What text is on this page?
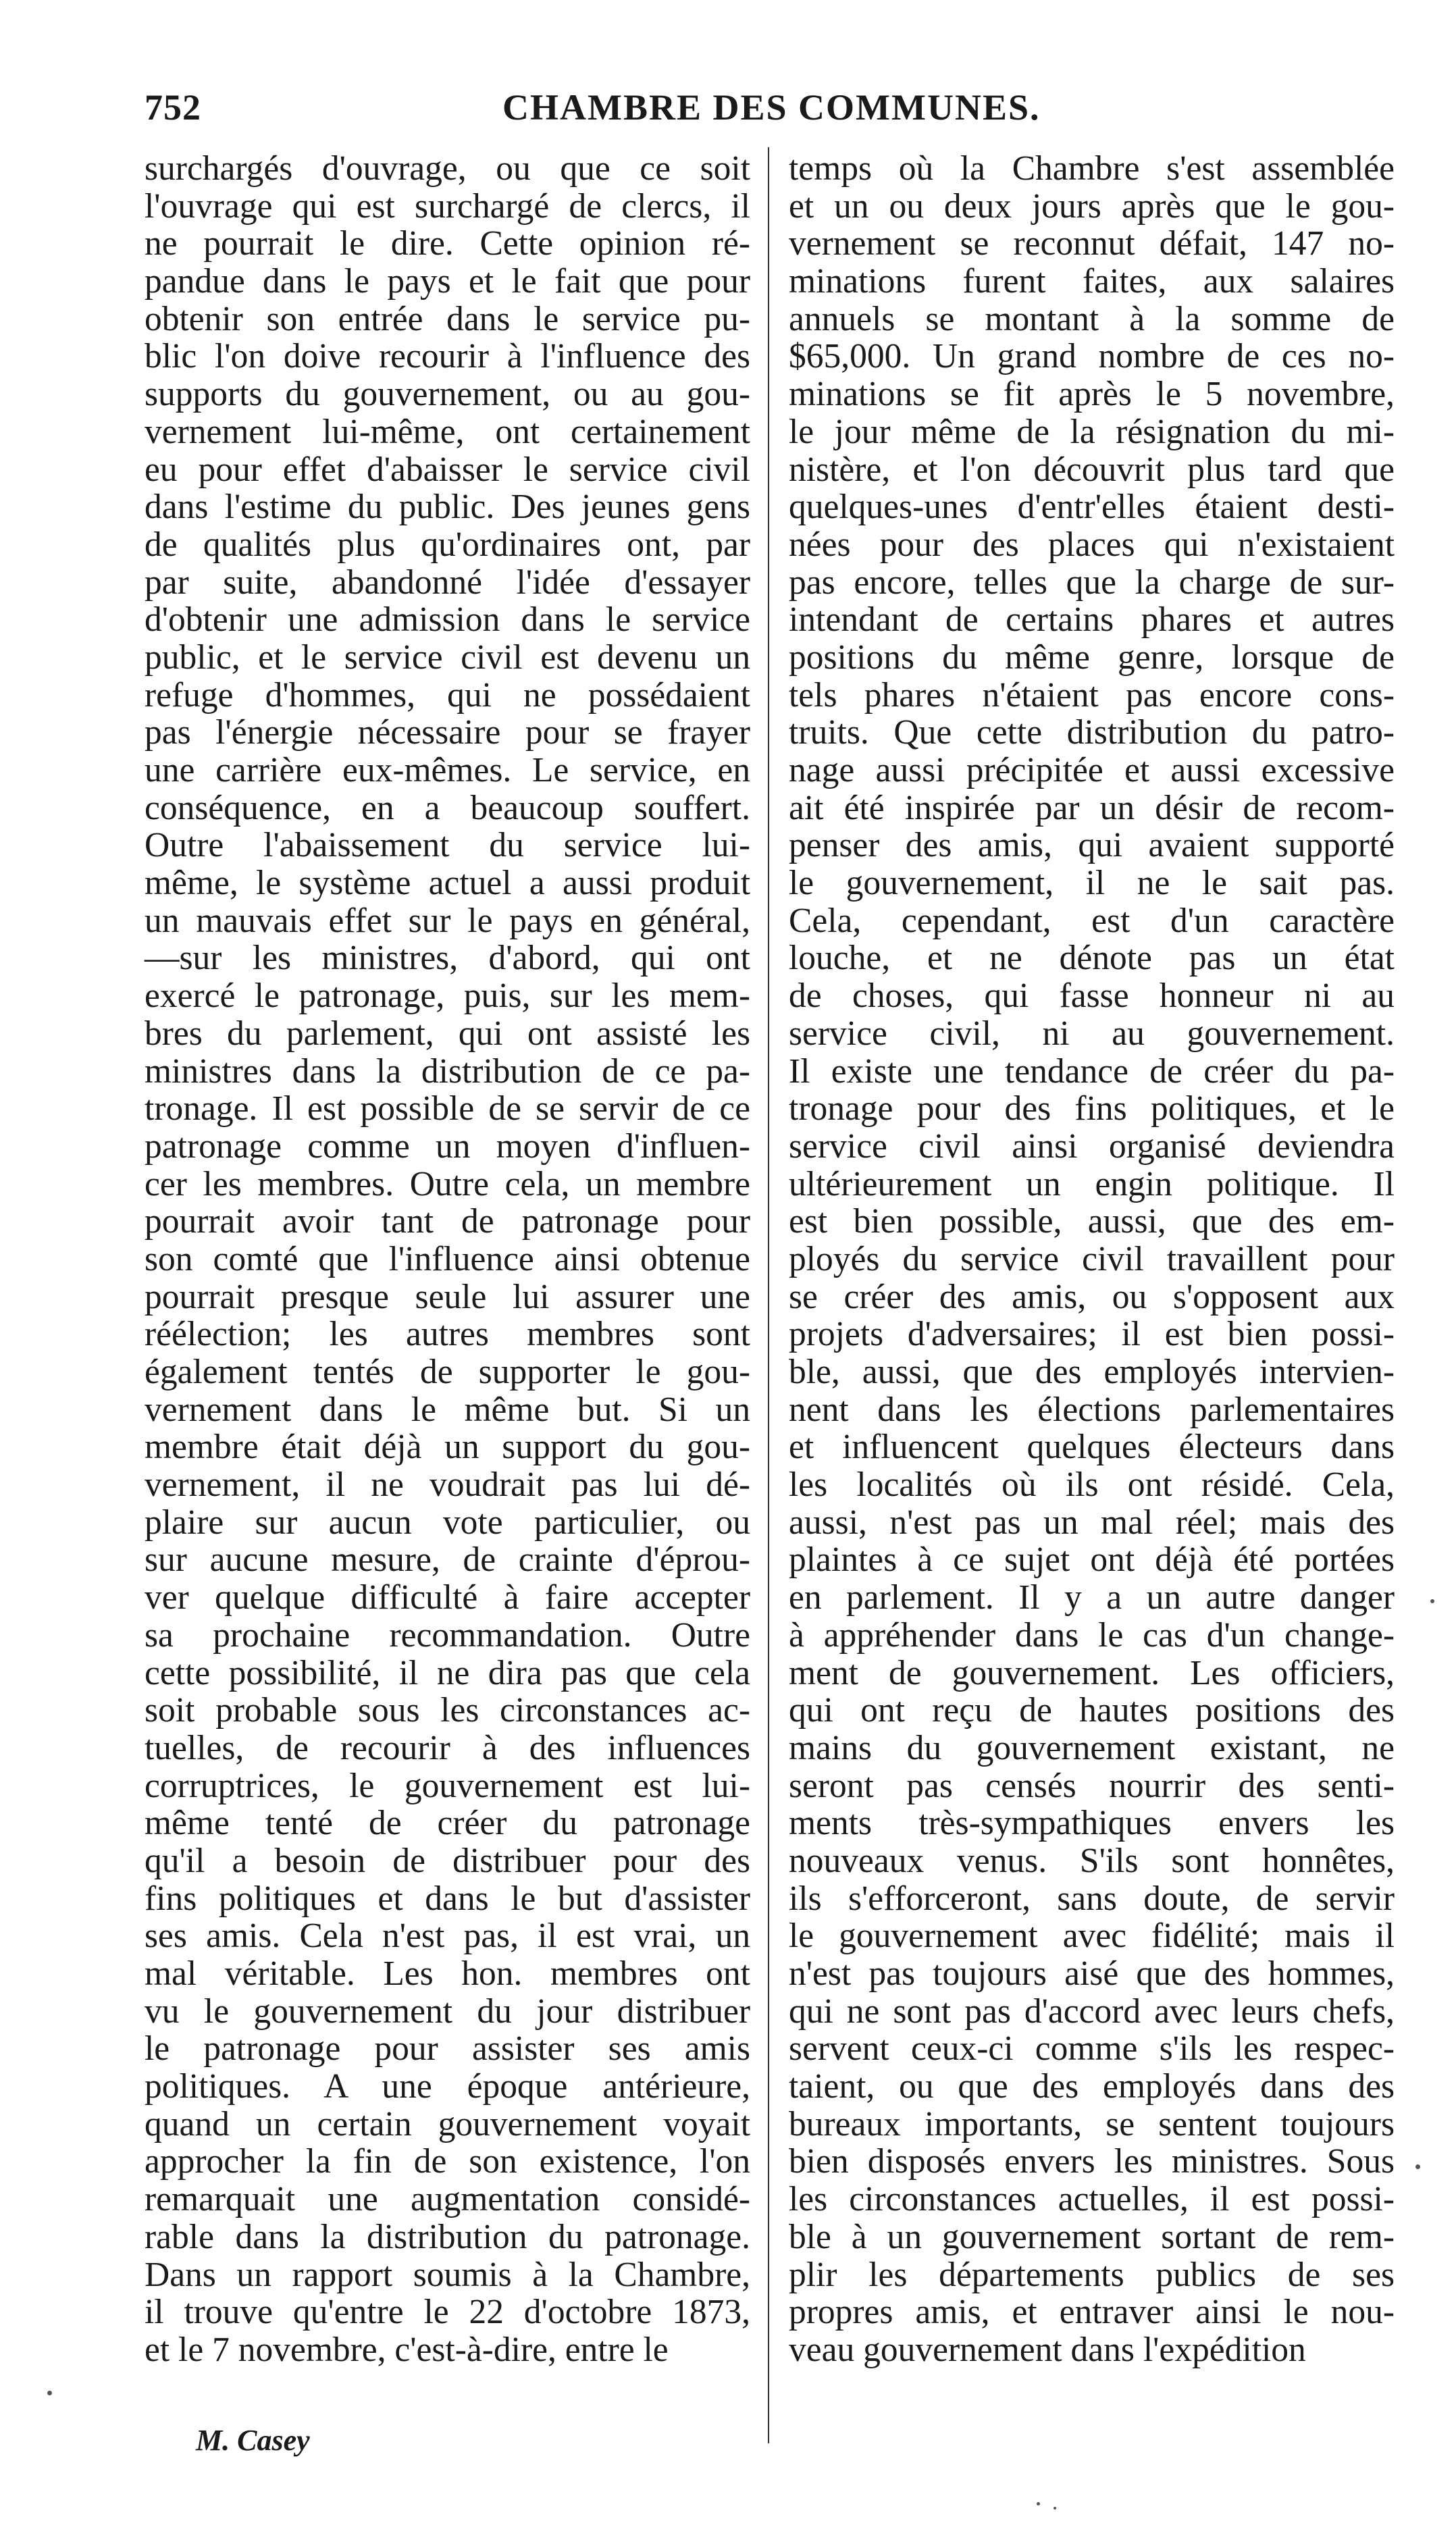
752	CHAMBRE DES COMMUNES.
surchargés d'ouvrage, ou que ce soit
l'ouvrage qui est surchargé de clercs, il
ne pourrait le dire. Cette opinion ré-
pandue dans le pays et le fait que pour
obtenir son entrée dans le service pu-
blic l'on doive recourir à l'influence des
supports du gouvernement, ou au gou-
vernement lui-même, ont certainement
eu pour effet d'abaisser le service civil
dans l'estime du public. Des jeunes gens
de qualités plus qu'ordinaires ont, par
par suite, abandonné l'idée d'essayer
d'obtenir une admission dans le service
public, et le service civil est devenu un
refuge d'hommes, qui ne possédaient
pas l'énergie nécessaire pour se frayer
une carrière eux-mêmes. Le service, en
conséquence, en a beaucoup souffert.
Outre l'abaissement du service lui-
même, le système actuel a aussi produit
un mauvais effet sur le pays en général,
—sur les ministres, d'abord, qui ont
exercé le patronage, puis, sur les mem-
bres du parlement, qui ont assisté les
ministres dans la distribution de ce pa-
tronage. Il est possible de se servir de ce
patronage comme un moyen d'influen-
cer les membres. Outre cela, un membre
pourrait avoir tant de patronage pour
son comté que l'influence ainsi obtenue
pourrait presque seule lui assurer une
réélection; les autres membres sont
également tentés de supporter le gou-
vernement dans le même but. Si un
membre était déjà un support du gou-
vernement, il ne voudrait pas lui dé-
plaire sur aucun vote particulier, ou
sur aucune mesure, de crainte d'éprou-
ver quelque difficulté à faire accepter
sa prochaine recommandation. Outre
cette possibilité, il ne dira pas que cela
soit probable sous les circonstances ac-
tuelles, de recourir à des influences
corruptrices, le gouvernement est lui-
même tenté de créer du patronage
qu'il a besoin de distribuer pour des
fins politiques et dans le but d'assister
ses amis. Cela n'est pas, il est vrai, un
mal véritable. Les hon. membres ont
vu le gouvernement du jour distribuer
le patronage pour assister ses amis
politiques. A une époque antérieure,
quand un certain gouvernement voyait
approcher la fin de son existence, l'on
remarquait une augmentation considé-
rable dans la distribution du patronage.
Dans un rapport soumis à la Chambre,
il trouve qu'entre le 22 d'octobre 1873,
et le 7 novembre, c'est-à-dire, entre le
temps où la Chambre s'est assemblée
et un ou deux jours après que le gou-
vernement se reconnut défait, 147 no-
minations furent faites, aux salaires
annuels se montant à la somme de
$65,000. Un grand nombre de ces no-
minations se fit après le 5 novembre,
le jour même de la résignation du mi-
nistère, et l'on découvrit plus tard que
quelques-unes d'entr'elles étaient desti-
nées pour des places qui n'existaient
pas encore, telles que la charge de sur-
intendant de certains phares et autres
positions du même genre, lorsque de
tels phares n'étaient pas encore cons-
truits. Que cette distribution du patro-
nage aussi précipitée et aussi excessive
ait été inspirée par un désir de recom-
penser des amis, qui avaient supporté
le gouvernement, il ne le sait pas.
Cela, cependant, est d'un caractère
louche, et ne dénote pas un état
de choses, qui fasse honneur ni au
service civil, ni au gouvernement.
Il existe une tendance de créer du pa-
tronage pour des fins politiques, et le
service civil ainsi organisé deviendra
ultérieurement un engin politique. Il
est bien possible, aussi, que des em-
ployés du service civil travaillent pour
se créer des amis, ou s'opposent aux
projets d'adversaires; il est bien possi-
ble, aussi, que des employés intervien-
nent dans les élections parlementaires
et influencent quelques électeurs dans
les localités où ils ont résidé. Cela,
aussi, n'est pas un mal réel; mais des
plaintes à ce sujet ont déjà été portées
en parlement. Il y a un autre danger
à appréhender dans le cas d'un change-
ment de gouvernement. Les officiers,
qui ont reçu de hautes positions des
mains du gouvernement existant, ne
seront pas censés nourrir des senti-
ments très-sympathiques envers les
nouveaux venus. S'ils sont honnêtes,
ils s'efforceront, sans doute, de servir
le gouvernement avec fidélité; mais il
n'est pas toujours aisé que des hommes,
qui ne sont pas d'accord avec leurs chefs,
servent ceux-ci comme s'ils les respec-
taient, ou que des employés dans des
bureaux importants, se sentent toujours
bien disposés envers les ministres. Sous
les circonstances actuelles, il est possi-
ble à un gouvernement sortant de rem-
plir les départements publics de ses
propres amis, et entraver ainsi le nou-
veau gouvernement dans l'expédition
M. Casey
